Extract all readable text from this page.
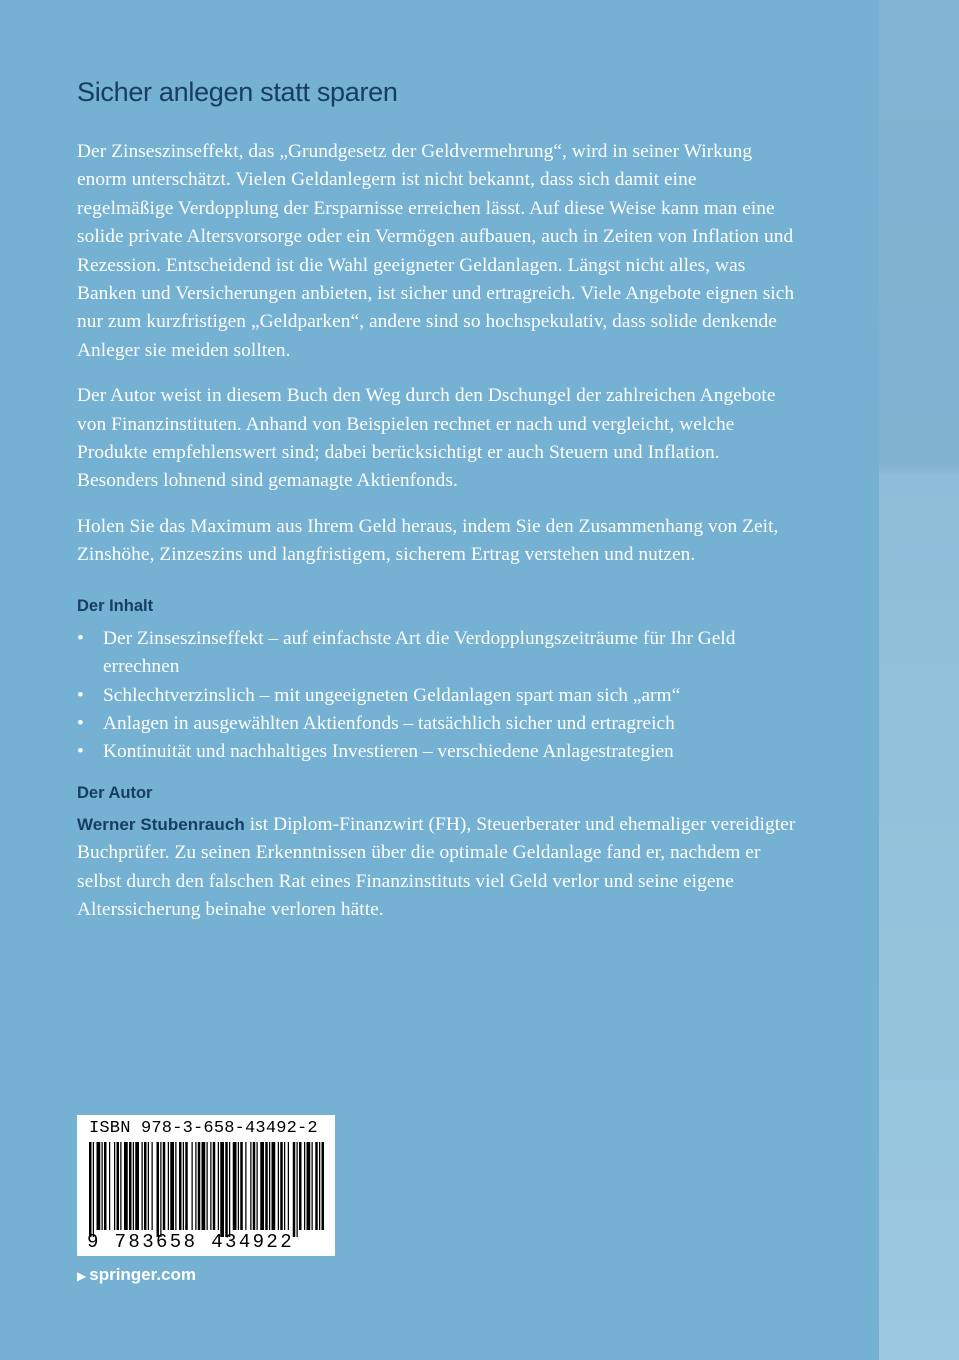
Sicher anlegen statt sparen

Der Zinseszinseffekt, das „Grundgesetz der Geldvermehrung“, wird in seiner Wirkung enorm unterschätzt. Vielen Geldanlegern ist nicht bekannt, dass sich damit eine regelmäßige Verdopplung der Ersparnisse erreichen lässt. Auf diese Weise kann man eine solide private Altersvorsorge oder ein Vermögen aufbauen, auch in Zeiten von Inflation und Rezession. Entscheidend ist die Wahl geeigneter Geldanlagen. Längst nicht alles, was Banken und Versicherungen anbieten, ist sicher und ertragreich. Viele Angebote eignen sich nur zum kurzfristigen „Geldparken“, andere sind so hochspekulativ, dass solide denkende Anleger sie meiden sollten.

Der Autor weist in diesem Buch den Weg durch den Dschungel der zahlreichen Angebote von Finanzinstituten. Anhand von Beispielen rechnet er nach und vergleicht, welche Produkte empfehlenswert sind; dabei berücksichtigt er auch Steuern und Inflation. Besonders lohnend sind gemanagte Aktienfonds.

Holen Sie das Maximum aus Ihrem Geld heraus, indem Sie den Zusammenhang von Zeit, Zinshöhe, Zinzeszins und langfristigem, sicherem Ertrag verstehen und nutzen.

Der Inhalt
• Der Zinseszinseffekt – auf einfachste Art die Verdopplungszeiträume für Ihr Geld errechnen
• Schlechtverzinslich – mit ungeeigneten Geldanlagen spart man sich „arm“
• Anlagen in ausgewählten Aktienfonds – tatsächlich sicher und ertragreich
• Kontinuität und nachhaltiges Investieren – verschiedene Anlagestrategien
Der Autor

Werner Stubenrauch ist Diplom-Finanzwirt (FH), Steuerberater und ehemaliger vereidigter Buchprüfer. Zu seinen Erkenntnissen über die optimale Geldanlage fand er, nachdem er selbst durch den falschen Rat eines Finanzinstituts viel Geld verlor und seine eigene Alterssicherung beinahe verloren hätte.

ISBN 978-3-658-43492-2
9 783658 434922
▶ springer.com
